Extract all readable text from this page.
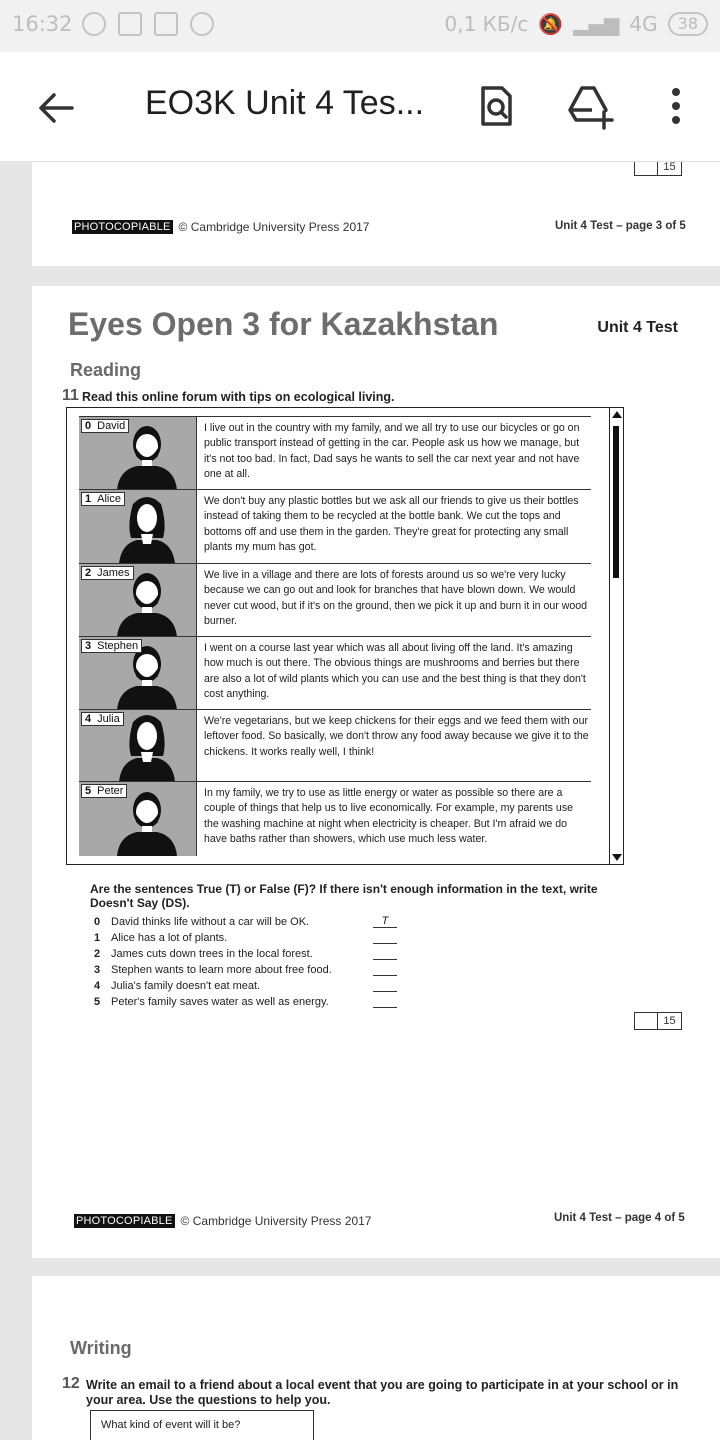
16:32	0,1 КБ/с 🔕 ▂▄▆ 4G	38
EO3K Unit 4 Tes...
15
PHOTOCOPIABLE © Cambridge University Press 2017	Unit 4 Test – page 3 of 5
Eyes Open 3 for Kazakhstan	Unit 4 Test
Reading
11 Read this online forum with tips on ecological living.
0 David	I live out in the country with my family, and we all try to use our bicycles or go on public transport instead of getting in the car. People ask us how we manage, but it's not too bad. In fact, Dad says he wants to sell the car next year and not have one at all.
1 Alice	We don't buy any plastic bottles but we ask all our friends to give us their bottles instead of taking them to be recycled at the bottle bank. We cut the tops and bottoms off and use them in the garden. They're great for protecting any small plants my mum has got.
2 James	We live in a village and there are lots of forests around us so we're very lucky because we can go out and look for branches that have blown down. We would never cut wood, but if it's on the ground, then we pick it up and burn it in our wood burner.
3 Stephen	I went on a course last year which was all about living off the land. It's amazing how much is out there. The obvious things are mushrooms and berries but there are also a lot of wild plants which you can use and the best thing is that they don't cost anything.
4 Julia	We're vegetarians, but we keep chickens for their eggs and we feed them with our leftover food. So basically, we don't throw any food away because we give it to the chickens. It works really well, I think!
5 Peter	In my family, we try to use as little energy or water as possible so there are a couple of things that help us to live economically. For example, my parents use the washing machine at night when electricity is cheaper. But I'm afraid we do have baths rather than showers, which use much less water.
Are the sentences True (T) or False (F)? If there isn't enough information in the text, write Doesn't Say (DS).
0 David thinks life without a car will be OK.	T
1 Alice has a lot of plants.
2 James cuts down trees in the local forest.
3 Stephen wants to learn more about free food.
4 Julia's family doesn't eat meat.
5 Peter's family saves water as well as energy.
15
PHOTOCOPIABLE © Cambridge University Press 2017	Unit 4 Test – page 4 of 5
Writing
12 Write an email to a friend about a local event that you are going to participate in at your school or in your area. Use the questions to help you.
What kind of event will it be?
